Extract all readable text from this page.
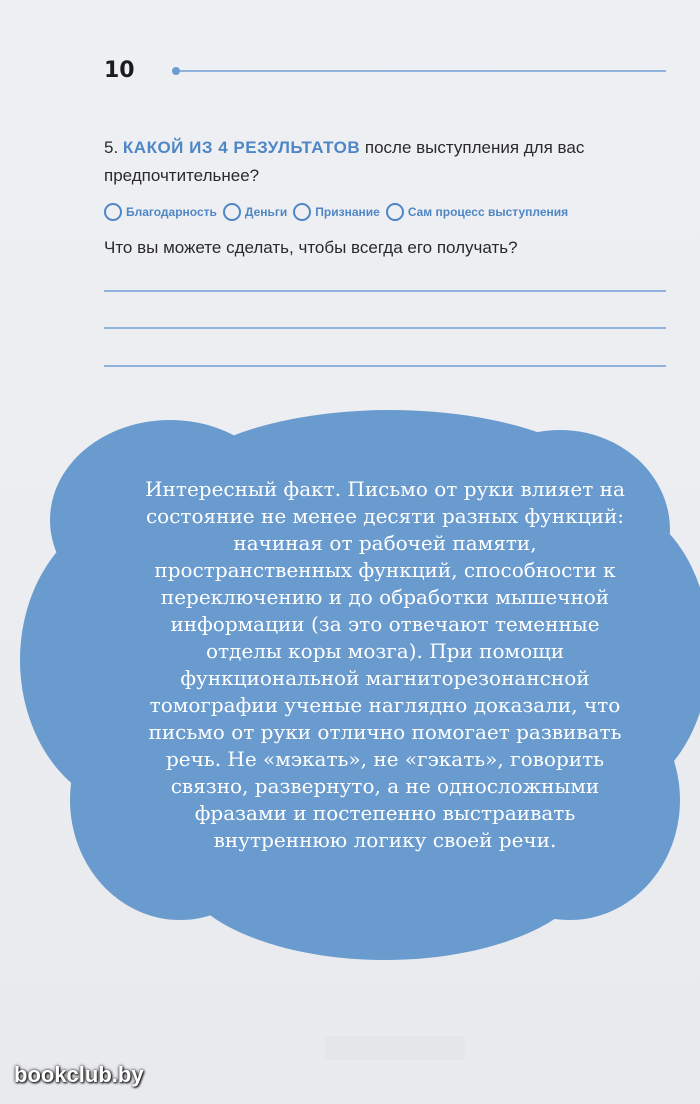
10
5. КАКОЙ ИЗ 4 РЕЗУЛЬТАТОВ после выступления для вас предпочтительнее?
Благодарность Деньги Признание Сам процесс выступления
Что вы можете сделать, чтобы всегда его получать?
Интересный факт. Письмо от руки влияет на состояние не менее десяти разных функций: начиная от рабочей памяти, пространственных функций, способности к переключению и до обработки мышечной информации (за это отвечают теменные отделы коры мозга). При помощи функциональной магниторезонансной томографии ученые наглядно доказали, что письмо от руки отлично помогает развивать речь. Не «мэкать», не «гэкать», говорить связно, развернуто, а не односложными фразами и постепенно выстраивать внутреннюю логику своей речи.
bookclub.by
